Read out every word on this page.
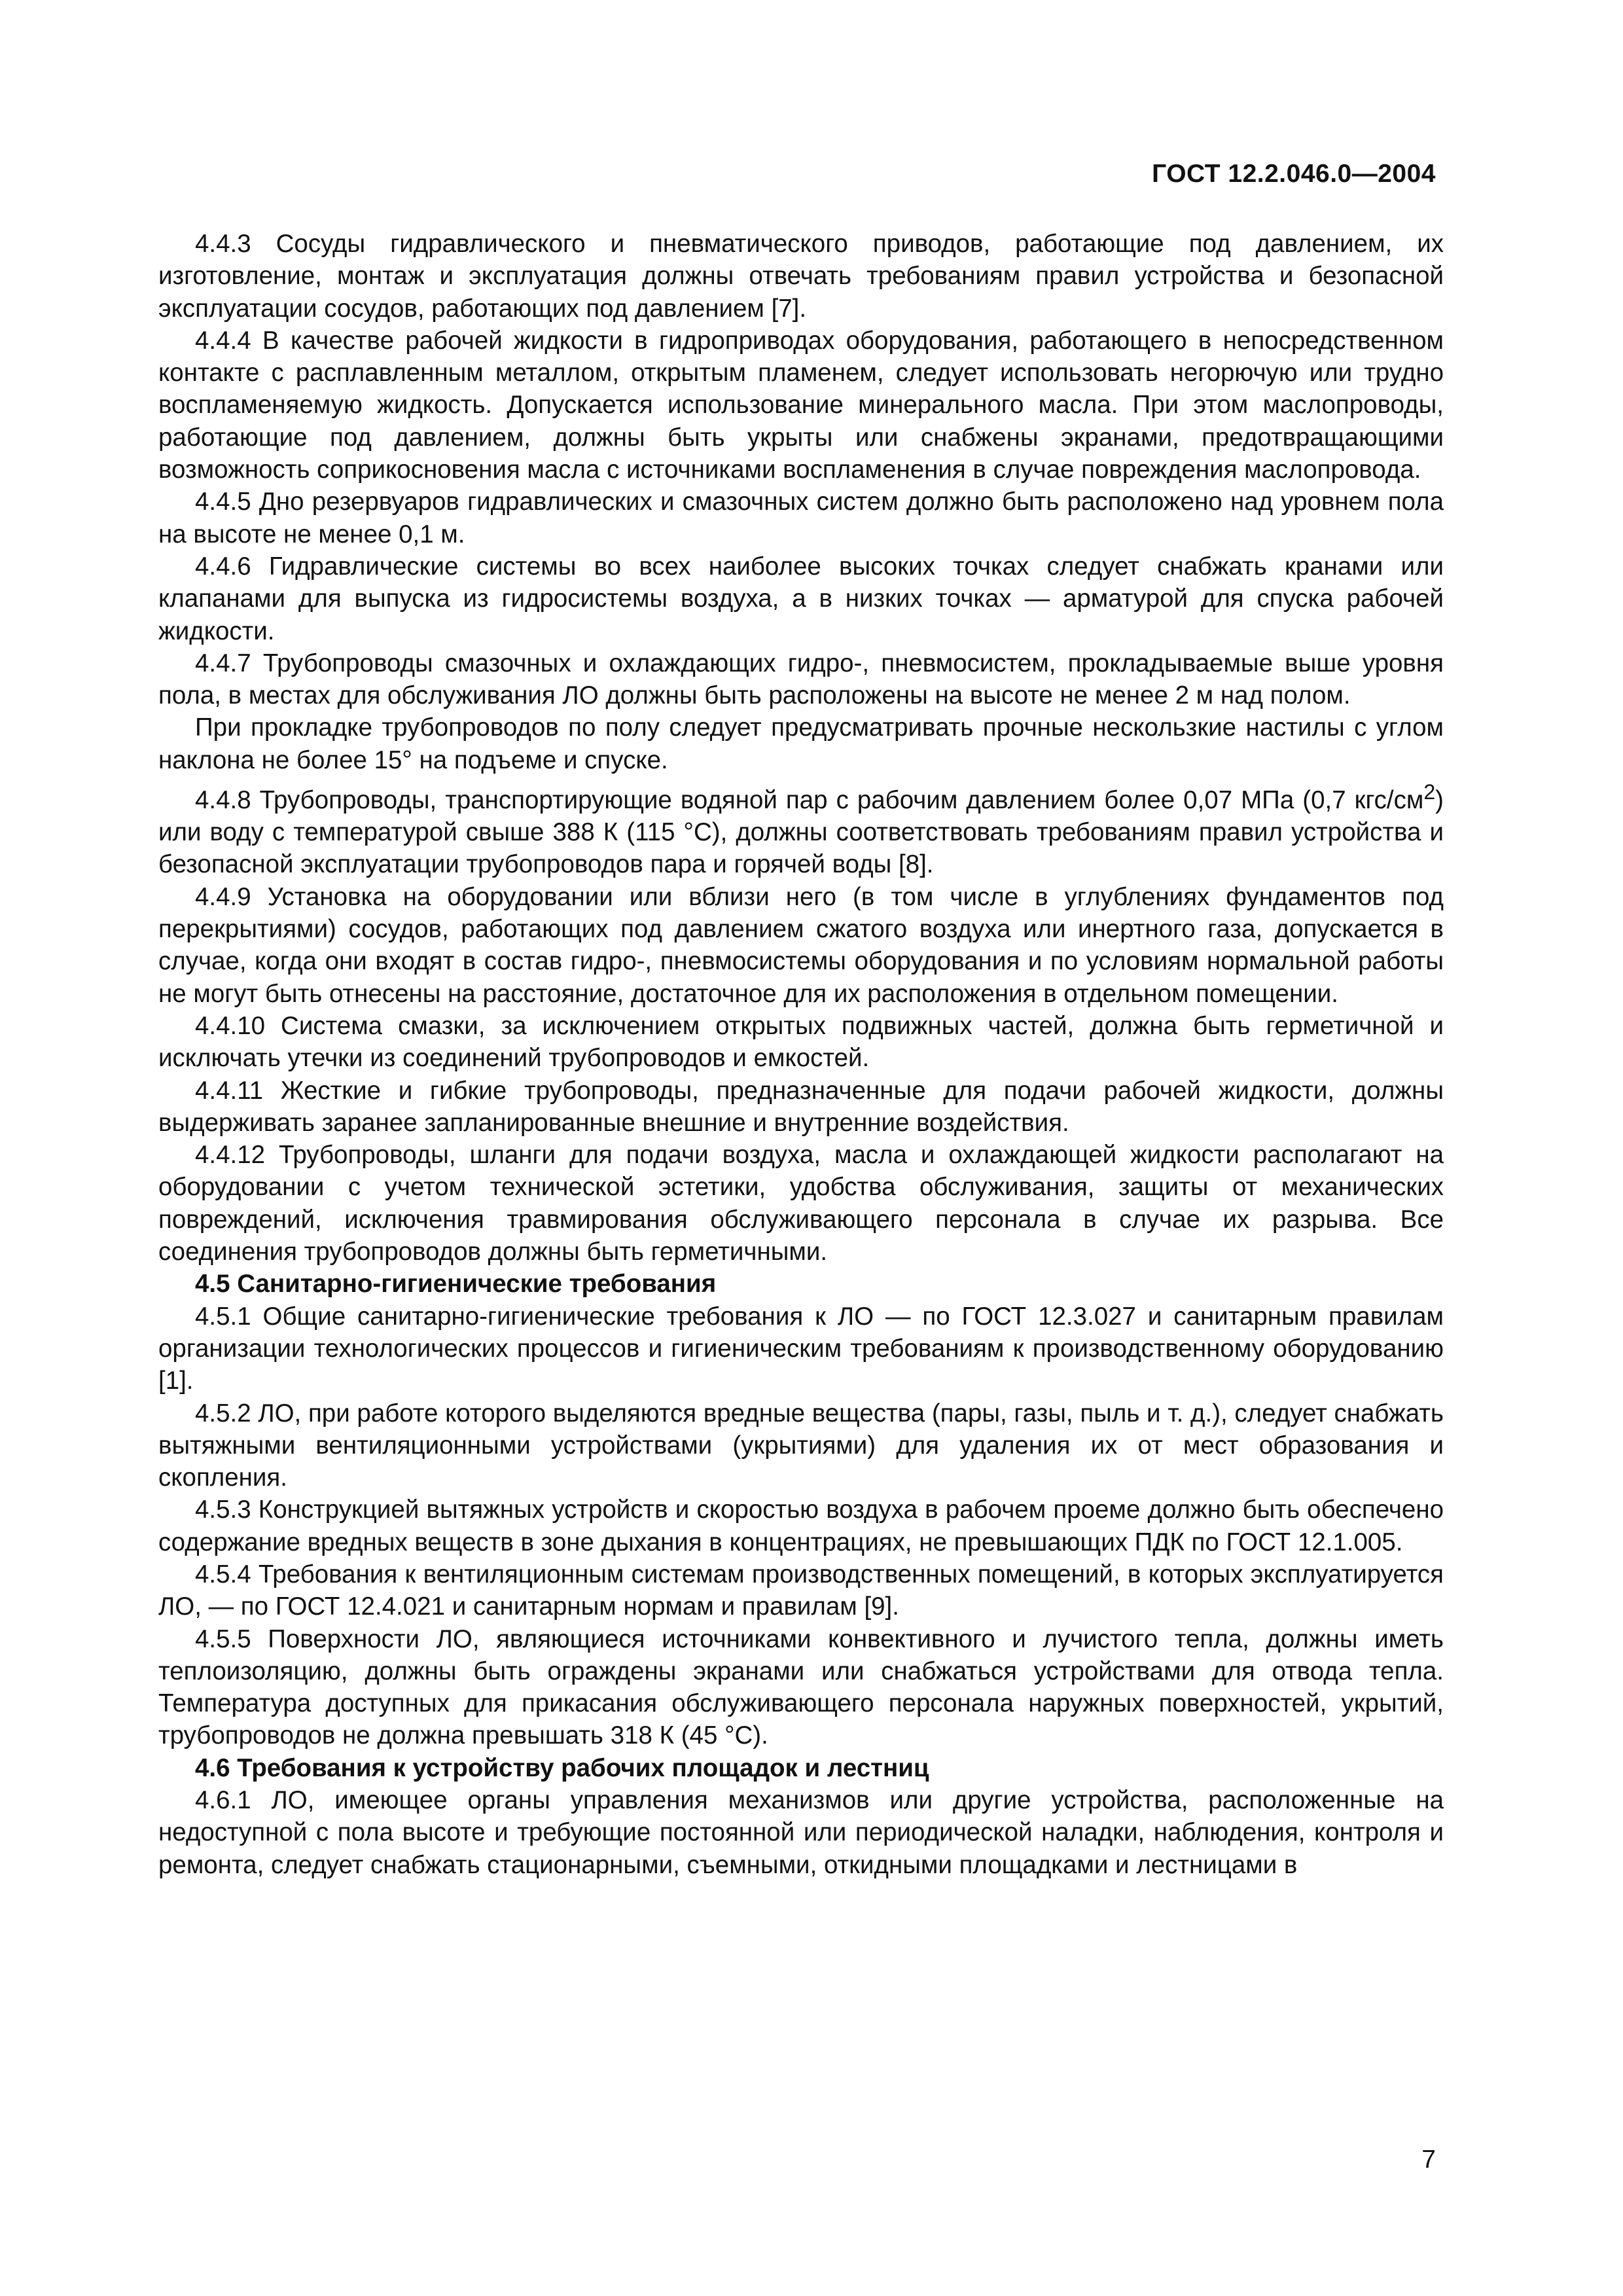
ГОСТ 12.2.046.0—2004

4.4.3 Сосуды гидравлического и пневматического приводов, работающие под давлением, их изготовление, монтаж и эксплуатация должны отвечать требованиям правил устройства и безопасной эксплуатации сосудов, работающих под давлением [7].

4.4.4 В качестве рабочей жидкости в гидроприводах оборудования, работающего в непосредственном контакте с расплавленным металлом, открытым пламенем, следует использовать негорючую или трудно воспламеняемую жидкость. Допускается использование минерального масла. При этом маслопроводы, работающие под давлением, должны быть укрыты или снабжены экранами, предотвращающими возможность соприкосновения масла с источниками воспламенения в случае повреждения маслопровода.

4.4.5 Дно резервуаров гидравлических и смазочных систем должно быть расположено над уровнем пола на высоте не менее 0,1 м.

4.4.6 Гидравлические системы во всех наиболее высоких точках следует снабжать кранами или клапанами для выпуска из гидросистемы воздуха, а в низких точках — арматурой для спуска рабочей жидкости.

4.4.7 Трубопроводы смазочных и охлаждающих гидро-, пневмосистем, прокладываемые выше уровня пола, в местах для обслуживания ЛО должны быть расположены на высоте не менее 2 м над полом.

При прокладке трубопроводов по полу следует предусматривать прочные нескользкие настилы с углом наклона не более 15° на подъеме и спуске.

4.4.8 Трубопроводы, транспортирующие водяной пар с рабочим давлением более 0,07 МПа (0,7 кгс/$см^2$) или воду с температурой свыше 388 К (115 °С), должны соответствовать требованиям правил устройства и безопасной эксплуатации трубопроводов пара и горячей воды [8].

4.4.9 Установка на оборудовании или вблизи него (в том числе в углублениях фундаментов под перекрытиями) сосудов, работающих под давлением сжатого воздуха или инертного газа, допускается в случае, когда они входят в состав гидро-, пневмосистемы оборудования и по условиям нормальной работы не могут быть отнесены на расстояние, достаточное для их расположения в отдельном помещении.

4.4.10 Система смазки, за исключением открытых подвижных частей, должна быть герметичной и исключать утечки из соединений трубопроводов и емкостей.

4.4.11 Жесткие и гибкие трубопроводы, предназначенные для подачи рабочей жидкости, должны выдерживать заранее запланированные внешние и внутренние воздействия.

4.4.12 Трубопроводы, шланги для подачи воздуха, масла и охлаждающей жидкости располагают на оборудовании с учетом технической эстетики, удобства обслуживания, защиты от механических повреждений, исключения травмирования обслуживающего персонала в случае их разрыва. Все соединения трубопроводов должны быть герметичными.

4.5 Санитарно-гигиенические требования

4.5.1 Общие санитарно-гигиенические требования к ЛО — по ГОСТ 12.3.027 и санитарным правилам организации технологических процессов и гигиеническим требованиям к производственному оборудованию [1].

4.5.2 ЛО, при работе которого выделяются вредные вещества (пары, газы, пыль и т. д.), следует снабжать вытяжными вентиляционными устройствами (укрытиями) для удаления их от мест образования и скопления.

4.5.3 Конструкцией вытяжных устройств и скоростью воздуха в рабочем проеме должно быть обеспечено содержание вредных веществ в зоне дыхания в концентрациях, не превышающих ПДК по ГОСТ 12.1.005.

4.5.4 Требования к вентиляционным системам производственных помещений, в которых эксплуатируется ЛО, — по ГОСТ 12.4.021 и санитарным нормам и правилам [9].

4.5.5 Поверхности ЛО, являющиеся источниками конвективного и лучистого тепла, должны иметь теплоизоляцию, должны быть ограждены экранами или снабжаться устройствами для отвода тепла. Температура доступных для прикасания обслуживающего персонала наружных поверхностей, укрытий, трубопроводов не должна превышать 318 К (45 °С).

4.6 Требования к устройству рабочих площадок и лестниц

4.6.1 ЛО, имеющее органы управления механизмов или другие устройства, расположенные на недоступной с пола высоте и требующие постоянной или периодической наладки, наблюдения, контроля и ремонта, следует снабжать стационарными, съемными, откидными площадками и лестницами в

7
